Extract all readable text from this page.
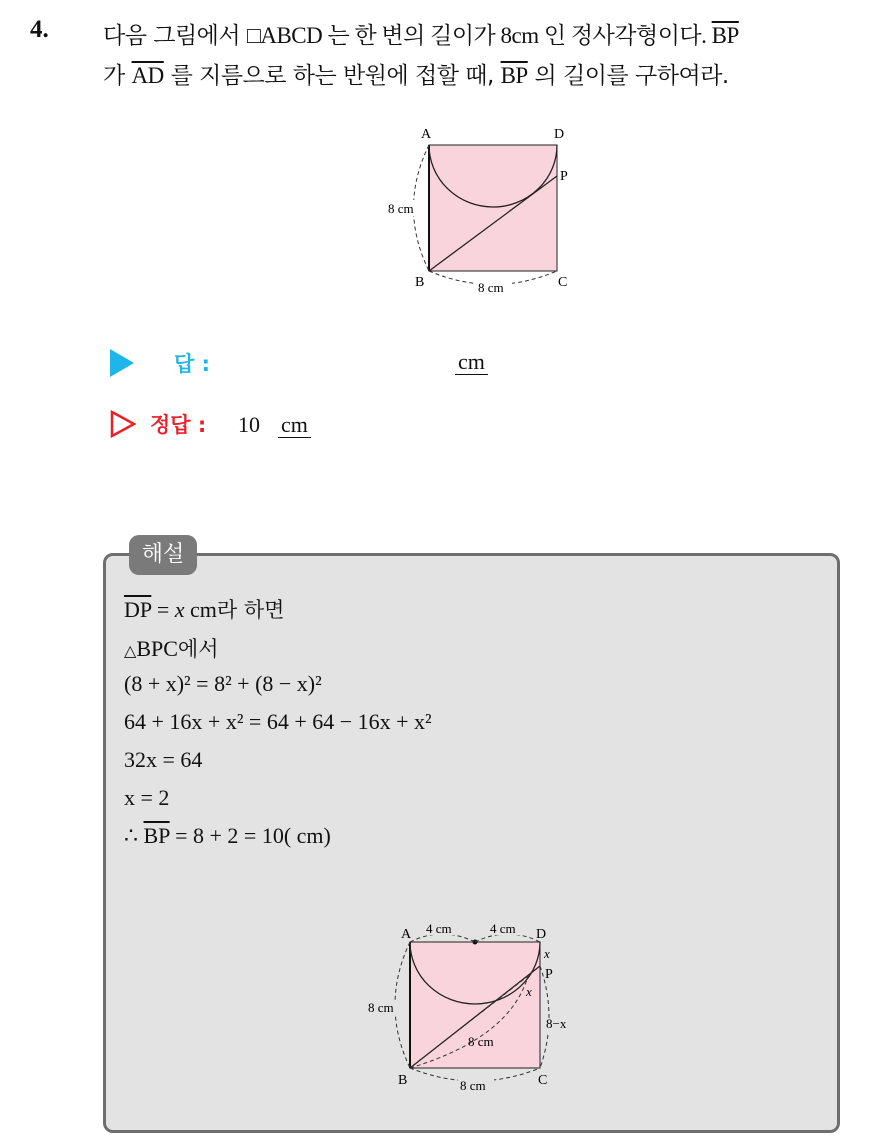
4. 다음 그림에서 □ABCD 는 한 변의 길이가 8cm 인 정사각형이다. $\overline{BP}$
가 $\overline{AD}$ 를 지름으로 하는 반원에 접할 때, $\overline{BP}$ 의 길이를 구하여라.
A	D
P
B	C
8 cm
8 cm
답 :	cm
정답 : 10 cm
해설
$\overline{DP} = x$ cm라 하면
△BPC에서
(8 + x)² = 8² + (8 − x)²
64 + 16x + x² = 64 + 64 − 16x + x²
32x = 64
x = 2
∴ $\overline{BP} = 8 + 2 = 10$( cm)
A	D
P
B	C
4 cm	4 cm
x
x
8 cm
8−x
8 cm
8 cm
